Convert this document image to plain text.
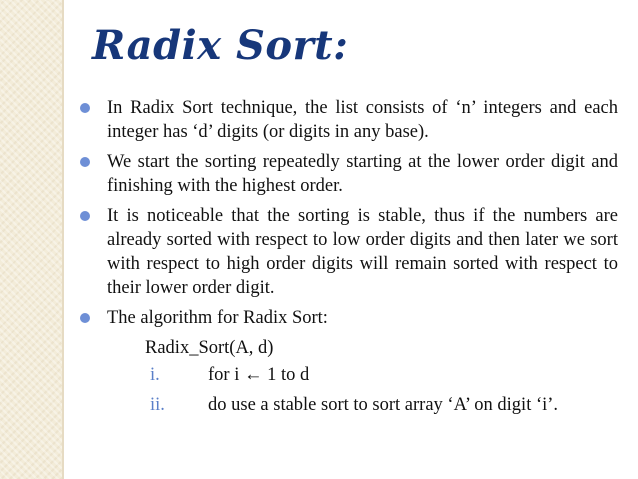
Radix Sort:
In Radix Sort technique, the list consists of ‘n’ integers and each integer has ‘d’ digits (or digits in any base).
We start the sorting repeatedly starting at the lower order digit and finishing with the highest order.
It is noticeable that the sorting is stable, thus if the numbers are already sorted with respect to low order digits and then later we sort with respect to high order digits will remain sorted with respect to their lower order digit.
The algorithm for Radix Sort:
Radix_Sort(A, d)
i.	for i ← 1 to d
ii. do use a stable sort to sort array ‘A’ on digit ‘i’.
